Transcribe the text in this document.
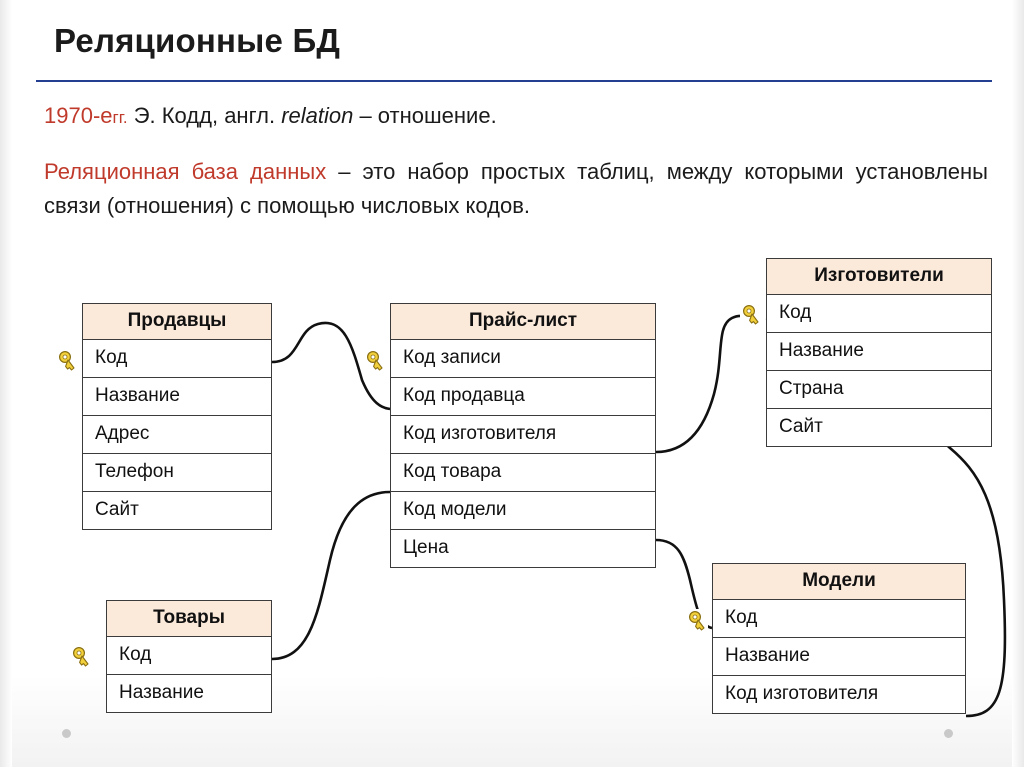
Реляционные БД
1970-егг. Э. Кодд, англ. relation – отношение.
Реляционная база данных – это набор простых таблиц, между которыми установлены связи (отношения) с помощью числовых кодов.
Продавцы
Код
Название
Адрес
Телефон
Сайт
Прайс-лист
Код записи
Код продавца
Код изготовителя
Код товара
Код модели
Цена
Изготовители
Код
Название
Страна
Сайт
Товары
Код
Название
Модели
Код
Название
Код изготовителя
